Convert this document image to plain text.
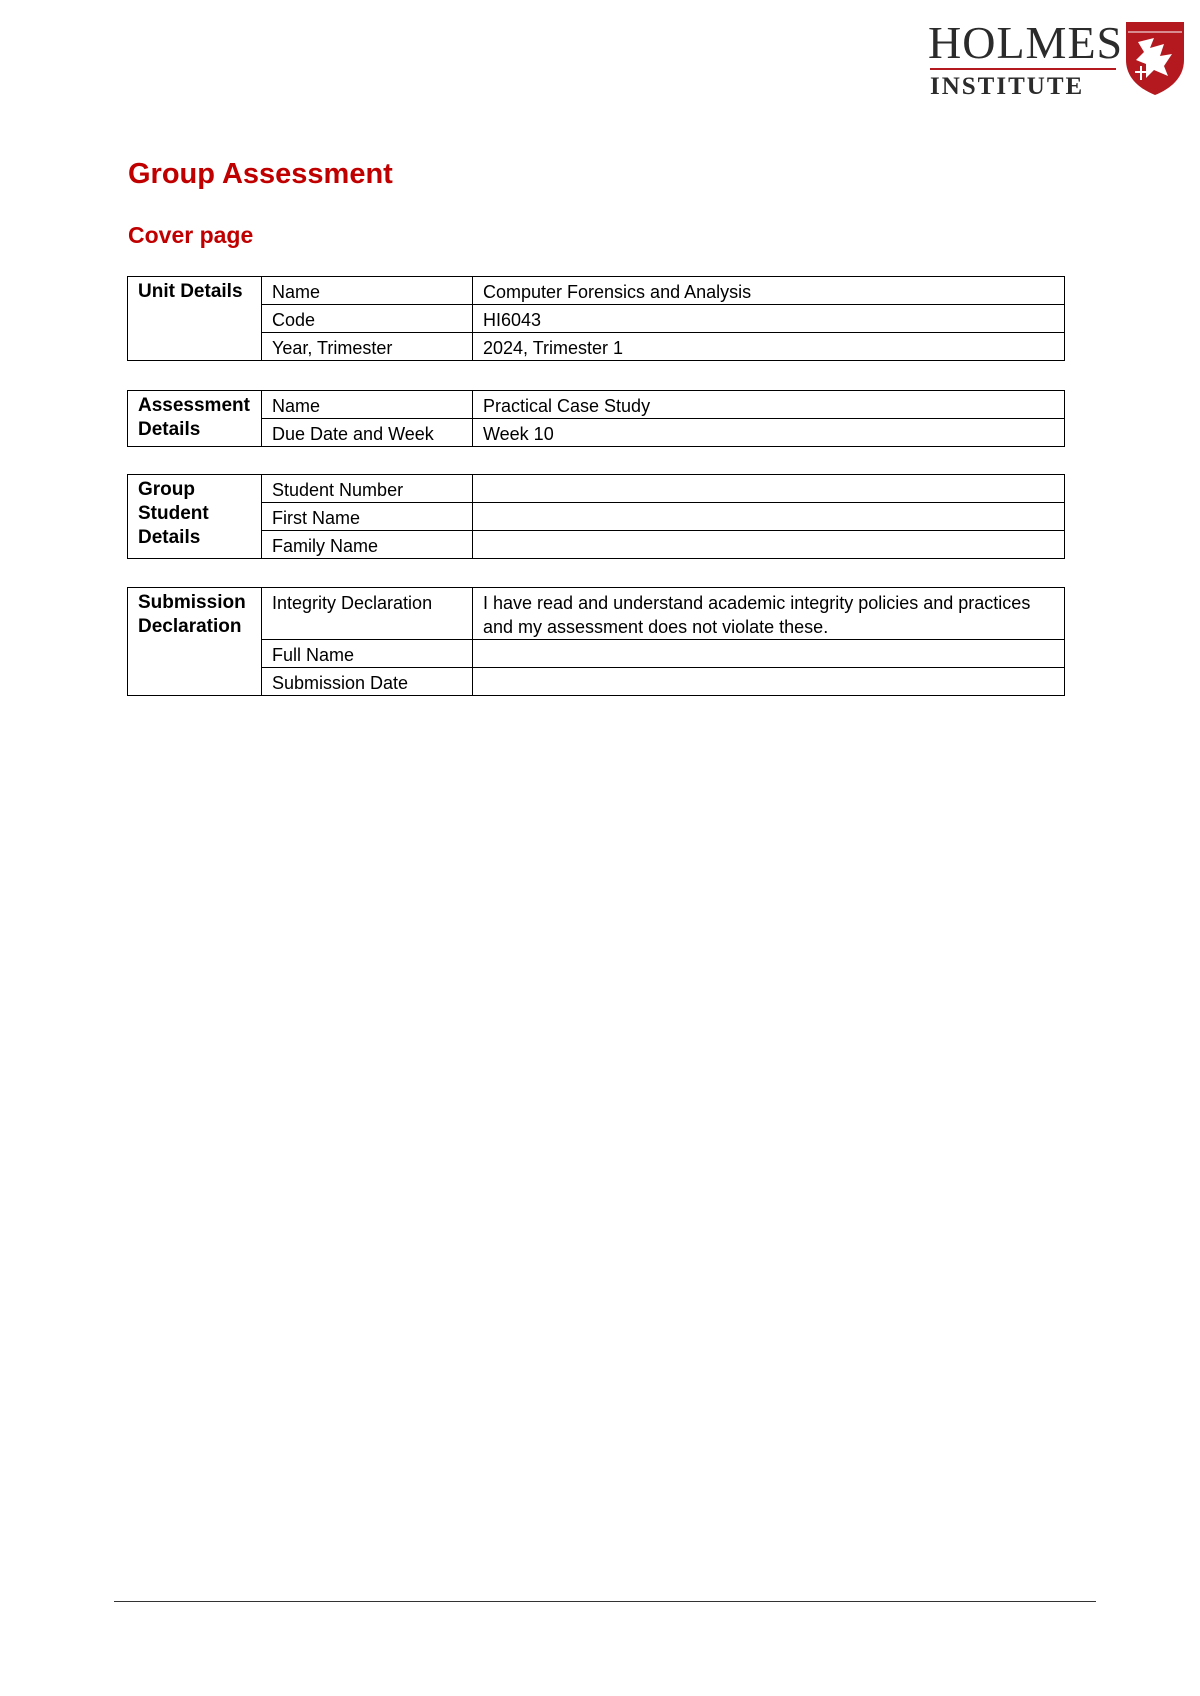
HOLMES
INSTITUTE
Group Assessment
Cover page
Unit Details	Name	Computer Forensics and Analysis
	Code	HI6043
	Year, Trimester	2024, Trimester 1
Assessment Details	Name	Practical Case Study
	Due Date and Week	Week 10
Group Student Details	Student Number	
	First Name	
	Family Name	
Submission Declaration	Integrity Declaration	I have read and understand academic integrity policies and practices and my assessment does not violate these.
	Full Name	
	Submission Date	
